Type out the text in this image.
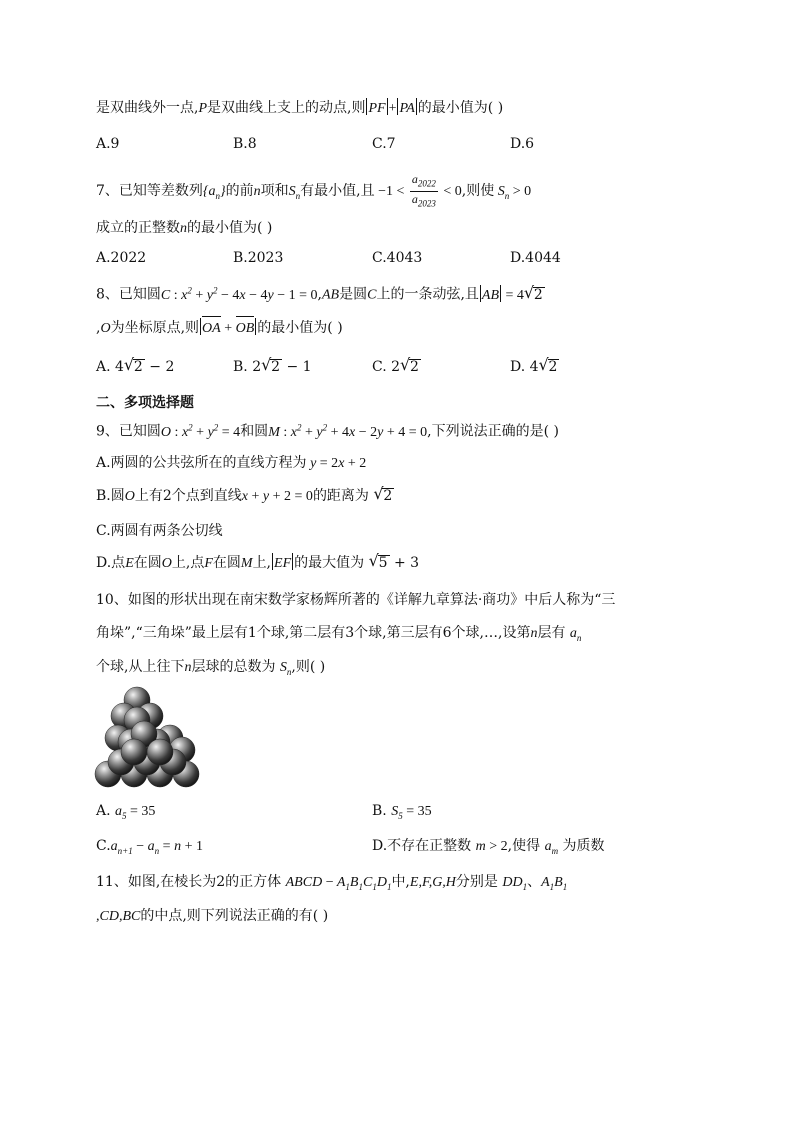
是双曲线外一点,P是双曲线上支上的动点,则 PF + PA 的最小值为( )
A.9	B.8	C.7	D.6
7、已知等差数列$\{a_n\}$的前n项和$S_n$有最小值,且 $-1 < \frac{a_{2022}}{a_{2023}} < 0$,则使 $S_n > 0$
成立的正整数n的最小值为( )
A.2022	B.2023	C.4043	D.4044
8、已知圆C : $x^2 + y^2 - 4x - 4y - 1 = 0,AB$是圆C上的一条动弦,且 AB = 4 √ 2
,O为坐标原点,则 OA + OB 的最小值为( )
A. 4 √ 2 − 2	B. 2 √ 2 − 1	C. 2 √ 2	D. 4 √ 2
二、多项选择题
9、已知圆O : $x^2 + y^2 = 4$和圆M : $x^2 + y^2 + 4x - 2y + 4 = 0$,下列说法正确的是( )
A.两圆的公共弦所在的直线方程为 y = 2x + 2
B.圆O上有2个点到直线x + y + 2 = 0的距离为 √ 2
C.两圆有两条公切线
D.点E在圆O上,点F在圆M上, EF 的最大值为 √ 5 + 3
10、如图的形状出现在南宋数学家杨辉所著的《详解九章算法·商功》中后人称为“三
角垛”,“三角垛”最上层有1个球,第二层有3个球,第三层有6个球,…,设第n层有 $a_n$
个球,从上往下n层球的总数为 $S_n$,则( )
A. $a_5 = 35$	B. $S_5 = 35$
$C.a_{n+1} - a_n = n + 1$	D.不存在正整数 m > 2,使得 $a_m$ 为质数
11、如图,在棱长为2的正方体 ABCD − $A_1B_1C_1D_1$中,E,F,G,H分别是 $DD_1$、$A_1B_1$
,CD,BC的中点,则下列说法正确的有( )
